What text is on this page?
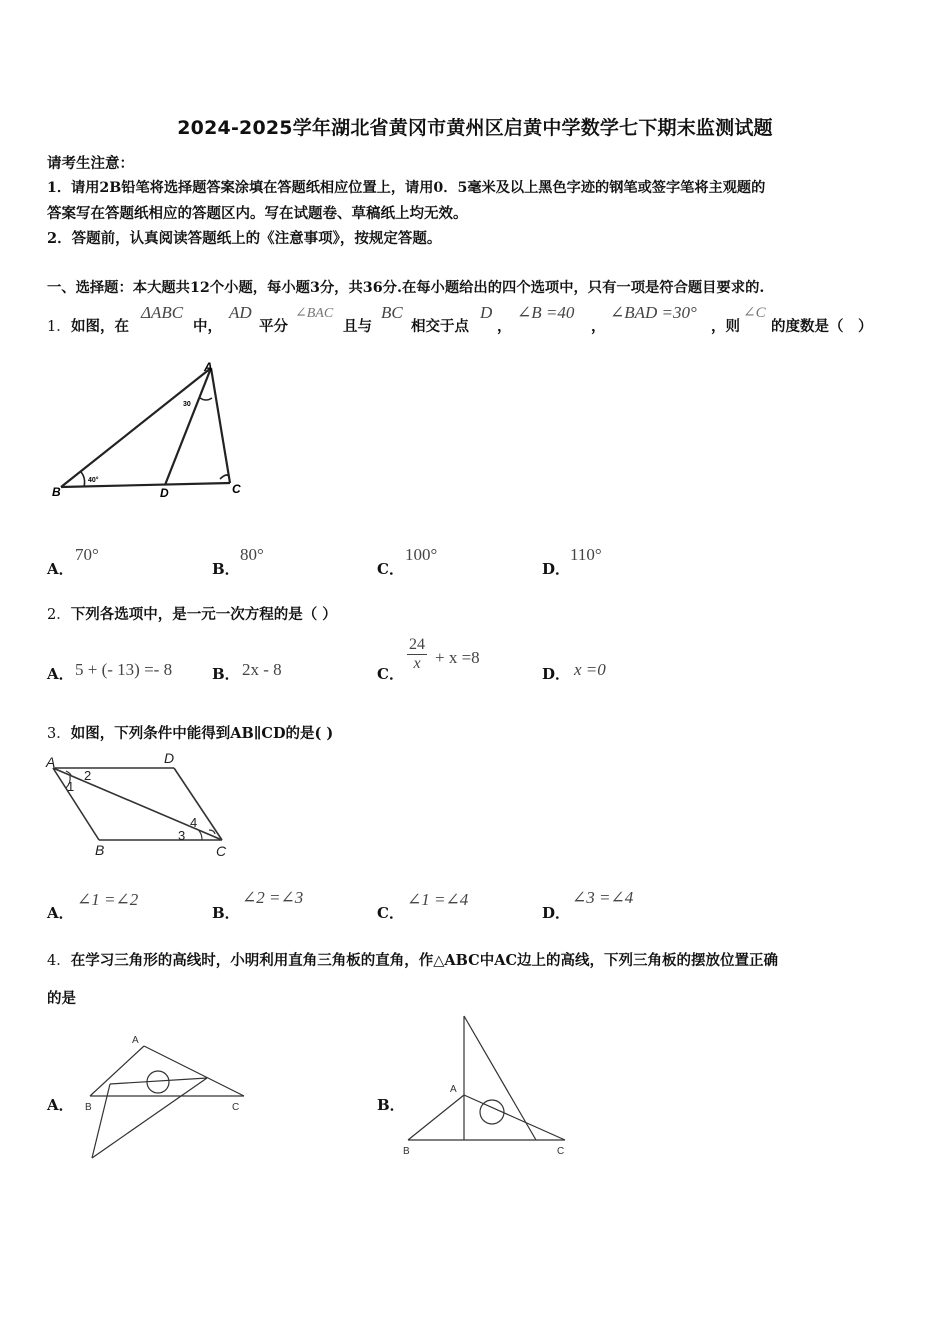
2024-2025学年湖北省黄冈市黄州区启黄中学数学七下期末监测试题
请考生注意：
1．请用2B铅笔将选择题答案涂填在答题纸相应位置上，请用0．5毫米及以上黑色字迹的钢笔或签字笔将主观题的
答案写在答题纸相应的答题区内。写在试题卷、草稿纸上均无效。
2．答题前，认真阅读答题纸上的《注意事项》，按规定答题。
一、选择题：本大题共12个小题，每小题3分，共36分.在每小题给出的四个选项中，只有一项是符合题目要求的.
1． 如图，在
ΔABC
中，
AD
平分
∠BAC
且与
BC
相交于点
D
，
∠B =40
，
∠BAD =30°
，则
∠C
的度数是（　）
A
B	D	C
40°
30
A．
70°
B．
80°
C．
100°
D．
110°
2．下列各选项中，是一元一次方程的是（ ）
A． 5 + (- 13) =- 8	B． 2x - 8	C．
$\frac{24}{x} + x =8$
D． x =0
3．如图，下列条件中能得到AB∥CD的是( )
A	D
B	C
1
2
3
4
A．
∠1 =∠2
B．
∠2 =∠3
C．
∠1 =∠4
D．
∠3 =∠4
4．在学习三角形的高线时，小明利用直角三角板的直角，作△ABC中AC边上的高线，下列三角板的摆放位置正确
的是
A．
A
B	C	B．
A
B	C
